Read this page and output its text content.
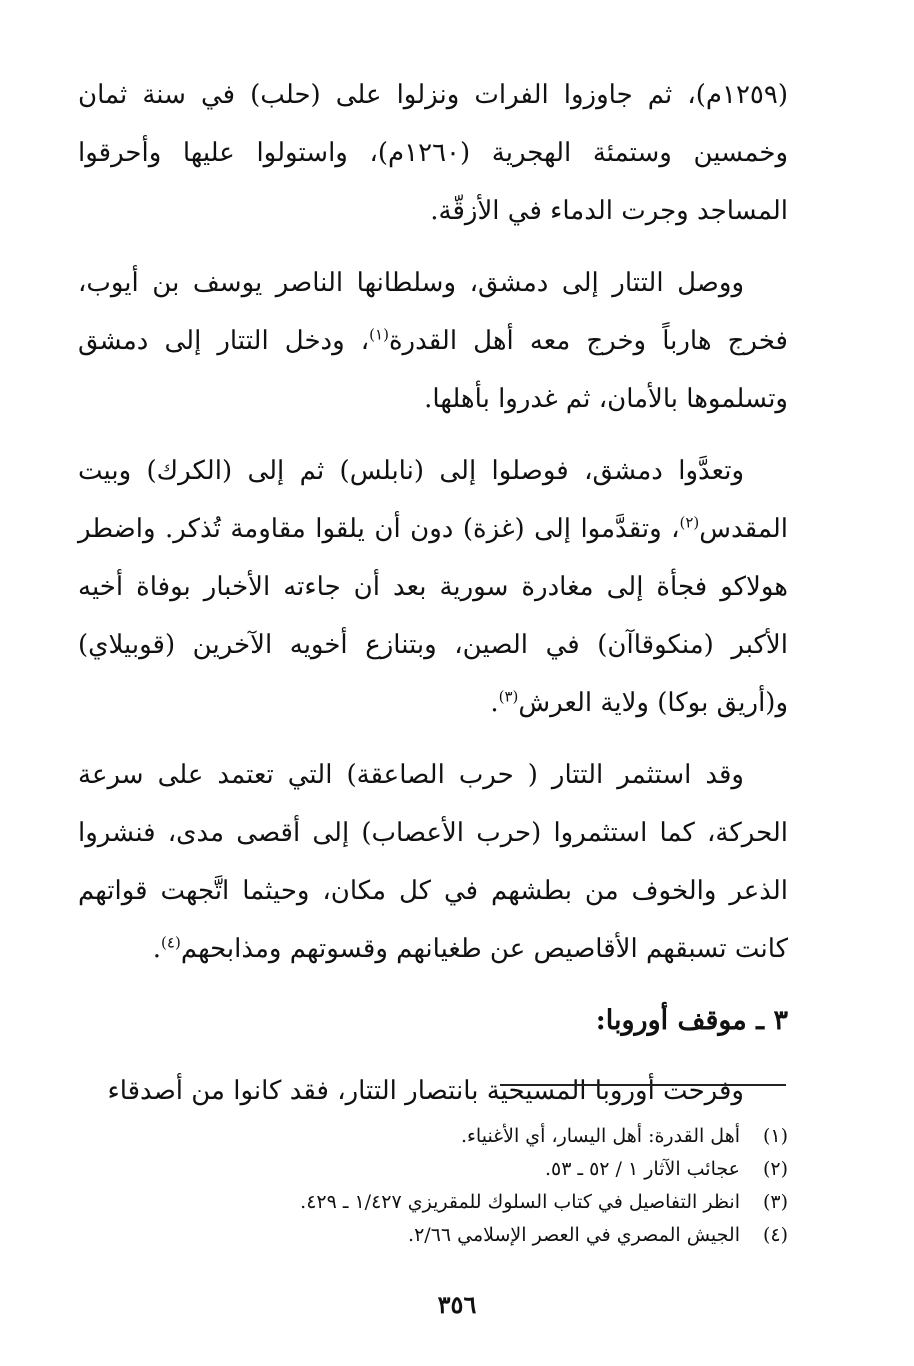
(١٢٥٩م)، ثم جاوزوا الفرات ونزلوا على (حلب) في سنة ثمان وخمسين وستمئة الهجرية (١٢٦٠م)، واستولوا عليها وأحرقوا المساجد وجرت الدماء في الأزقّة.

ووصل التتار إلى دمشق، وسلطانها الناصر يوسف بن أيوب، فخرج هارباً وخرج معه أهل القدرة$^{(١)}$، ودخل التتار إلى دمشق وتسلموها بالأمان، ثم غدروا بأهلها.

وتعدَّوا دمشق، فوصلوا إلى (نابلس) ثم إلى (الكرك) وبيت المقدس$^{(٢)}$، وتقدَّموا إلى (غزة) دون أن يلقوا مقاومة تُذكر. واضطر هولاكو فجأة إلى مغادرة سورية بعد أن جاءته الأخبار بوفاة أخيه الأكبر (منكوقاآن) في الصين، وبتنازع أخويه الآخرين (قوبيلاي) و(أريق بوكا) ولاية العرش$^{(٣)}$.

وقد استثمر التتار ( حرب الصاعقة) التي تعتمد على سرعة الحركة، كما استثمروا (حرب الأعصاب) إلى أقصى مدى، فنشروا الذعر والخوف من بطشهم في كل مكان، وحيثما اتَّجهت قواتهم كانت تسبقهم الأقاصيص عن طغيانهم وقسوتهم ومذابحهم$^{(٤)}$.

٣ ـ موقف أوروبا:

وفرحت أوروبا المسيحية بانتصار التتار، فقد كانوا من أصدقاء

(١)
أهل القدرة: أهل اليسار، أي الأغنياء.
(٢)
عجائب الآثار ١ / ٥٢ ـ ٥٣.
(٣)
انظر التفاصيل في كتاب السلوك للمقريزي ١/٤٢٧ ـ ٤٢٩.
(٤)
الجيش المصري في العصر الإسلامي ٢/٦٦.
٣٥٦
